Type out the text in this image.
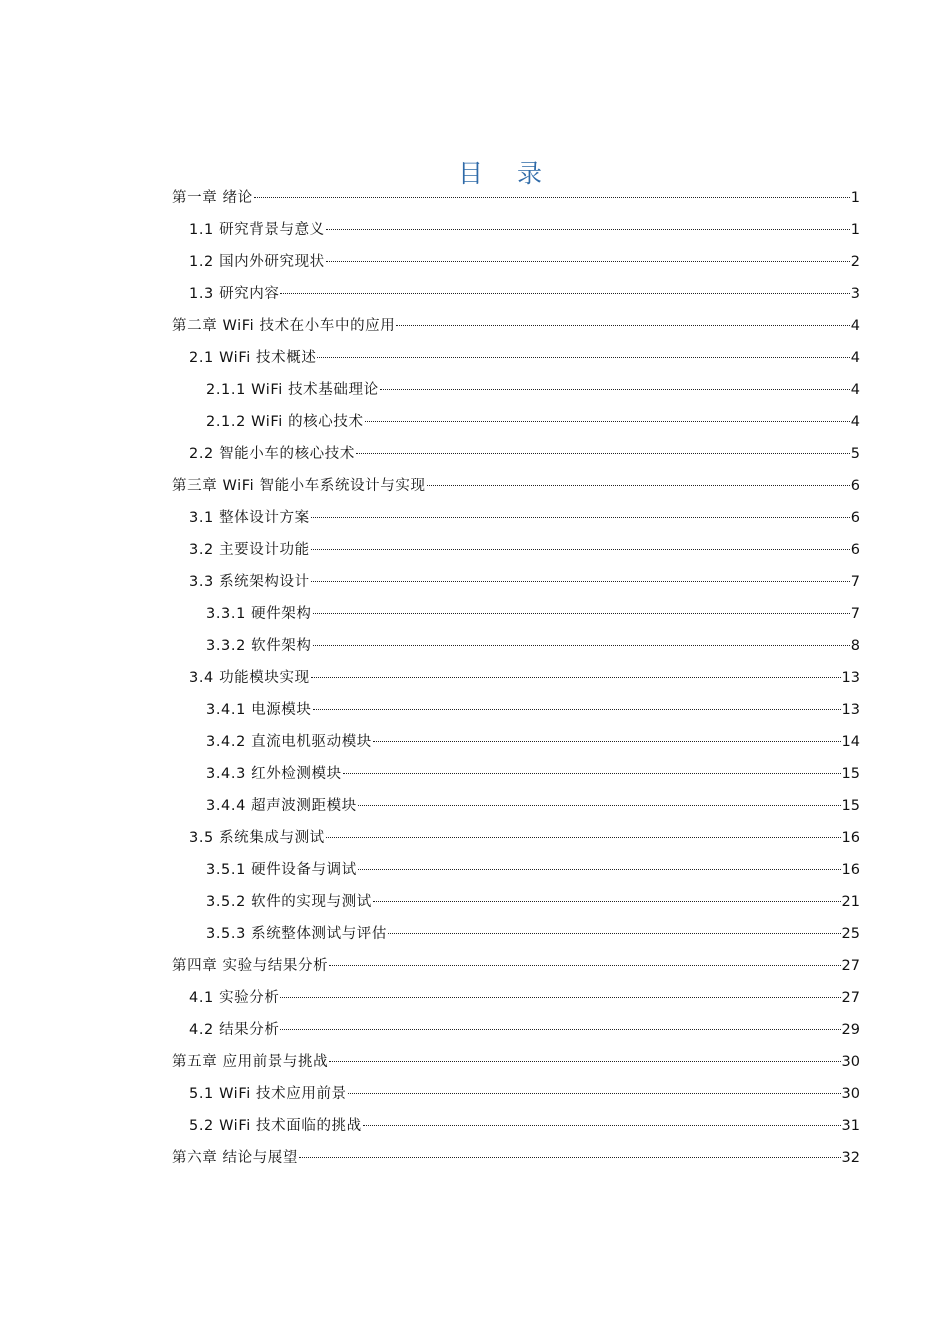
目录
第一章 绪论	1
1.1 研究背景与意义	1
1.2 国内外研究现状	2
1.3 研究内容	3
第二章 WiFi 技术在小车中的应用	4
2.1 WiFi 技术概述	4
2.1.1 WiFi 技术基础理论	4
2.1.2 WiFi 的核心技术	4
2.2 智能小车的核心技术	5
第三章 WiFi 智能小车系统设计与实现	6
3.1 整体设计方案	6
3.2 主要设计功能	6
3.3 系统架构设计	7
3.3.1 硬件架构	7
3.3.2 软件架构	8
3.4 功能模块实现	13
3.4.1 电源模块	13
3.4.2 直流电机驱动模块	14
3.4.3 红外检测模块	15
3.4.4 超声波测距模块	15
3.5 系统集成与测试	16
3.5.1 硬件设备与调试	16
3.5.2 软件的实现与测试	21
3.5.3 系统整体测试与评估	25
第四章 实验与结果分析	27
4.1 实验分析	27
4.2 结果分析	29
第五章 应用前景与挑战	30
5.1 WiFi 技术应用前景	30
5.2 WiFi 技术面临的挑战	31
第六章 结论与展望	32
